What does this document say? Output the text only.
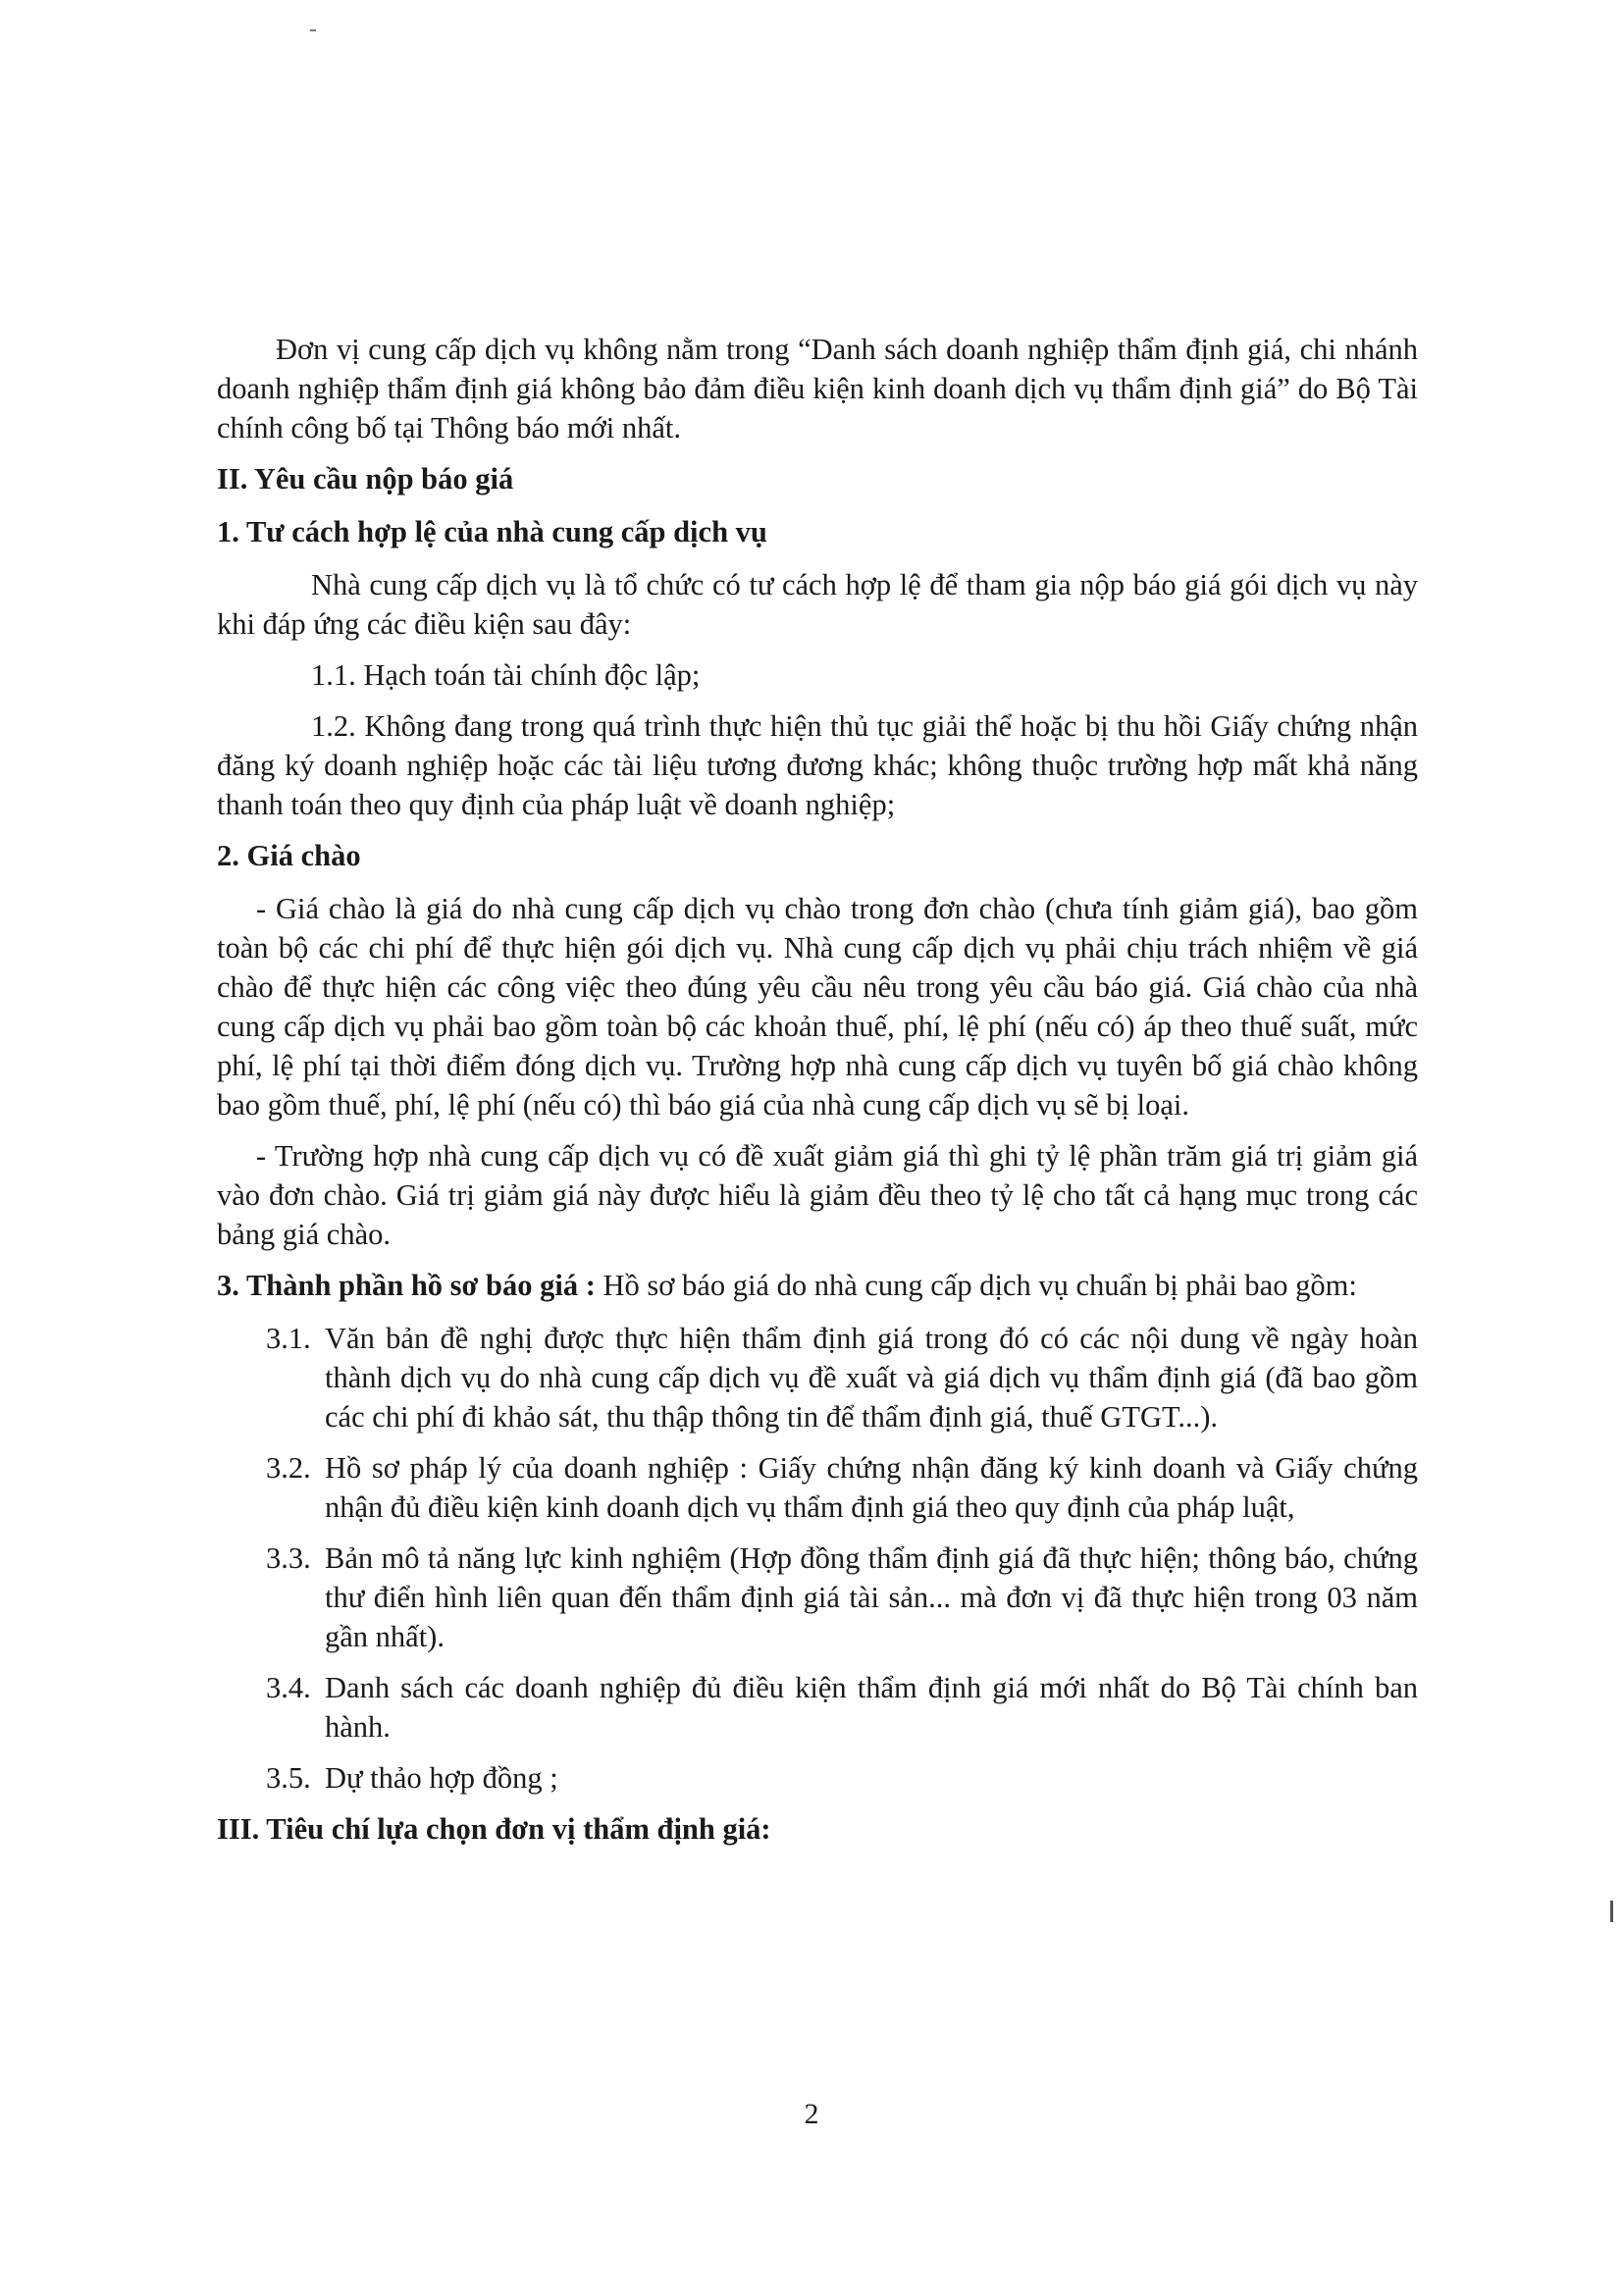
Đơn vị cung cấp dịch vụ không nằm trong “Danh sách doanh nghiệp thẩm định giá, chi nhánh doanh nghiệp thẩm định giá không bảo đảm điều kiện kinh doanh dịch vụ thẩm định giá” do Bộ Tài chính công bố tại Thông báo mới nhất.

II. Yêu cầu nộp báo giá

1. Tư cách hợp lệ của nhà cung cấp dịch vụ

Nhà cung cấp dịch vụ là tổ chức có tư cách hợp lệ để tham gia nộp báo giá gói dịch vụ này khi đáp ứng các điều kiện sau đây:

1.1. Hạch toán tài chính độc lập;

1.2. Không đang trong quá trình thực hiện thủ tục giải thể hoặc bị thu hồi Giấy chứng nhận đăng ký doanh nghiệp hoặc các tài liệu tương đương khác; không thuộc trường hợp mất khả năng thanh toán theo quy định của pháp luật về doanh nghiệp;

2. Giá chào

- Giá chào là giá do nhà cung cấp dịch vụ chào trong đơn chào (chưa tính giảm giá), bao gồm toàn bộ các chi phí để thực hiện gói dịch vụ. Nhà cung cấp dịch vụ phải chịu trách nhiệm về giá chào để thực hiện các công việc theo đúng yêu cầu nêu trong yêu cầu báo giá. Giá chào của nhà cung cấp dịch vụ phải bao gồm toàn bộ các khoản thuế, phí, lệ phí (nếu có) áp theo thuế suất, mức phí, lệ phí tại thời điểm đóng dịch vụ. Trường hợp nhà cung cấp dịch vụ tuyên bố giá chào không bao gồm thuế, phí, lệ phí (nếu có) thì báo giá của nhà cung cấp dịch vụ sẽ bị loại.

- Trường hợp nhà cung cấp dịch vụ có đề xuất giảm giá thì ghi tỷ lệ phần trăm giá trị giảm giá vào đơn chào. Giá trị giảm giá này được hiểu là giảm đều theo tỷ lệ cho tất cả hạng mục trong các bảng giá chào.

3. Thành phần hồ sơ báo giá : Hồ sơ báo giá do nhà cung cấp dịch vụ chuẩn bị phải bao gồm:

3.1. Văn bản đề nghị được thực hiện thẩm định giá trong đó có các nội dung về ngày hoàn thành dịch vụ do nhà cung cấp dịch vụ đề xuất và giá dịch vụ thẩm định giá (đã bao gồm các chi phí đi khảo sát, thu thập thông tin để thẩm định giá, thuế GTGT...).
3.2. Hồ sơ pháp lý của doanh nghiệp : Giấy chứng nhận đăng ký kinh doanh và Giấy chứng nhận đủ điều kiện kinh doanh dịch vụ thẩm định giá theo quy định của pháp luật,
3.3. Bản mô tả năng lực kinh nghiệm (Hợp đồng thẩm định giá đã thực hiện; thông báo, chứng thư điển hình liên quan đến thẩm định giá tài sản... mà đơn vị đã thực hiện trong 03 năm gần nhất).
3.4. Danh sách các doanh nghiệp đủ điều kiện thẩm định giá mới nhất do Bộ Tài chính ban hành.
3.5. Dự thảo hợp đồng ;

III. Tiêu chí lựa chọn đơn vị thẩm định giá:

2
